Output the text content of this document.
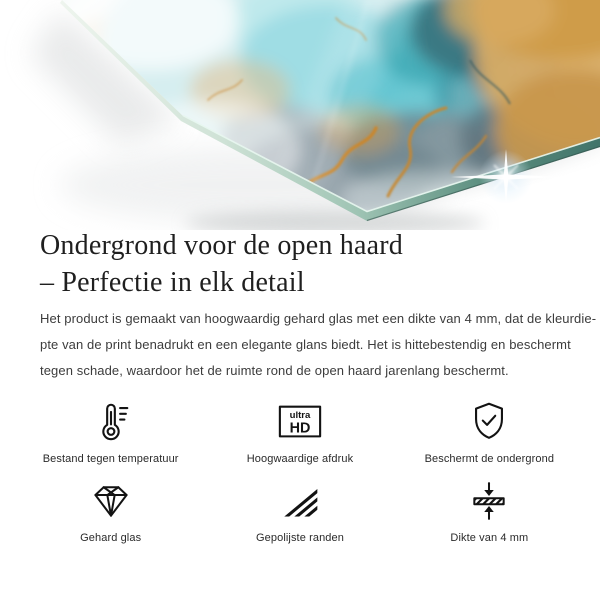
Ondergrond voor de open haard
– Perfectie in elk detail

Het product is gemaakt van hoogwaardig gehard glas met een dikte van 4 mm, dat de kleurdie-
pte van de print benadrukt en een elegante glans biedt. Het is hittebestendig en beschermt
tegen schade, waardoor het de ruimte rond de open haard jarenlang beschermt.

Bestand tegen temperatuur
ultra
HD
Hoogwaardige afdruk	Beschermt de ondergrond
Gehard glas	Gepolijste randen	Dikte van 4 mm
